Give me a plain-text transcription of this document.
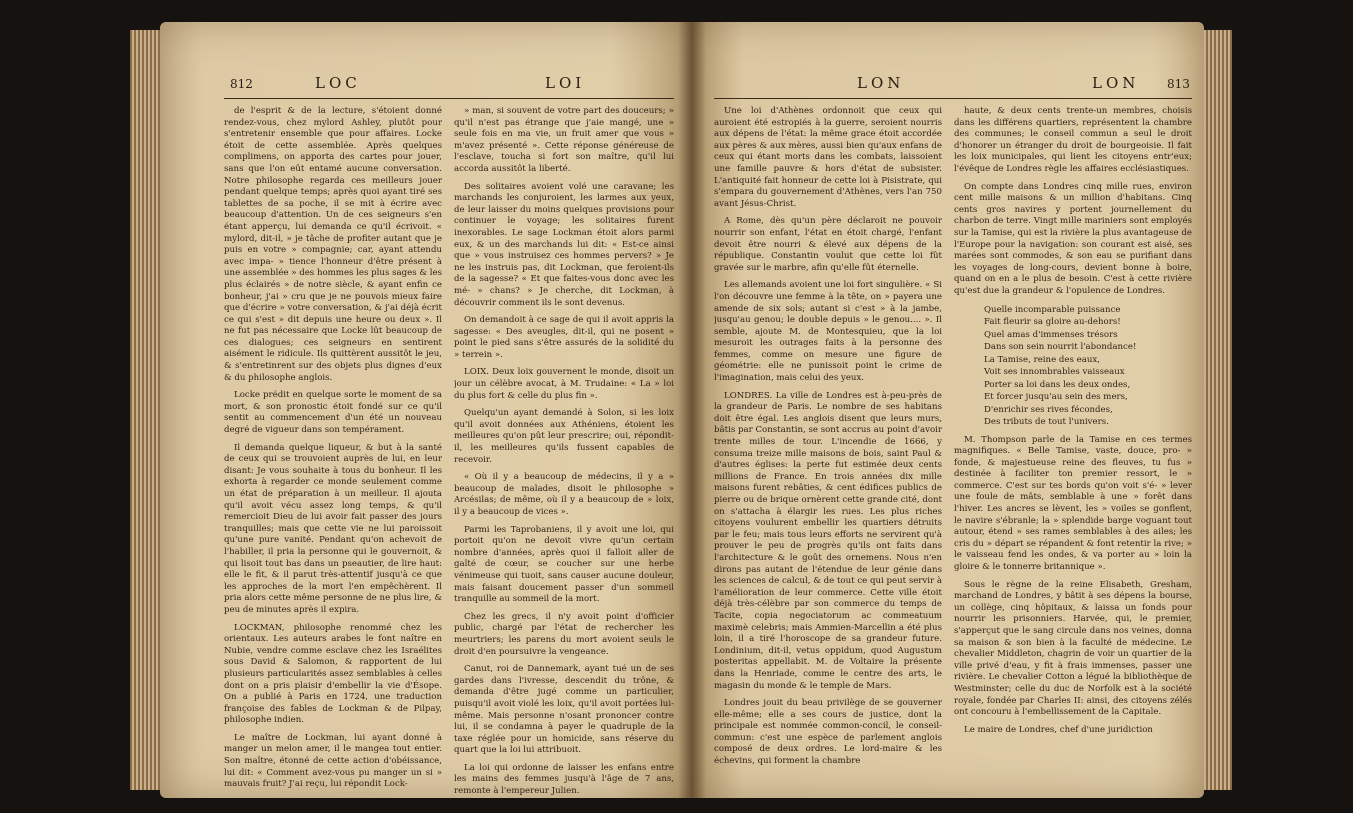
812	LOC	LOI

de l'esprit & de la lecture, s'étoient donné rendez-vous, chez mylord Ashley, plutôt pour s'entretenir ensemble que pour affaires. Locke étoit de cette assemblée. Après quelques complimens, on apporta des cartes pour jouer, sans que l'on eût entamé aucune conversation. Notre philosophe regarda ces meilleurs jouer pendant quelque temps; après quoi ayant tiré ses tablettes de sa poche, il se mit à écrire avec beaucoup d'attention. Un de ces seigneurs s'en étant apperçu, lui demanda ce qu'il écrivoit. « mylord, dit-il, » je tâche de profiter autant que je puis en votre » compagnie; car, ayant attendu avec impa- » tience l'honneur d'être présent à une assemblée » des hommes les plus sages & les plus éclairés » de notre siècle, & ayant enfin ce bonheur, j'ai » cru que je ne pouvois mieux faire que d'écrire » votre conversation, & j'ai déjà écrit ce qui s'est » dit depuis une heure ou deux ». Il ne fut pas nécessaire que Locke lût beaucoup de ces dialogues; ces seigneurs en sentirent aisément le ridicule. Ils quittèrent aussitôt le jeu, & s'entretinrent sur des objets plus dignes d'eux & du philosophe anglois.

Locke prédit en quelque sorte le moment de sa mort, & son pronostic étoit fondé sur ce qu'il sentit au commencement d'un été un nouveau degré de vigueur dans son tempérament.

Il demanda quelque liqueur, & but à la santé de ceux qui se trouvoient auprès de lui, en leur disant: Je vous souhaite à tous du bonheur. Il les exhorta à regarder ce monde seulement comme un état de préparation à un meilleur. Il ajouta qu'il avoit vécu assez long temps, & qu'il remercioit Dieu de lui avoir fait passer des jours tranquilles; mais que cette vie ne lui paroissoit qu'une pure vanité. Pendant qu'on achevoit de l'habiller, il pria la personne qui le gouvernoit, & qui lisoit tout bas dans un pseautier, de lire haut: elle le fit, & il parut très-attentif jusqu'à ce que les approches de la mort l'en empêchèrent. Il pria alors cette même personne de ne plus lire, & peu de minutes après il expira.

LOCKMAN, philosophe renommé chez les orientaux. Les auteurs arabes le font naître en Nubie, vendre comme esclave chez les Israélites sous David & Salomon, & rapportent de lui plusieurs particularités assez semblables à celles dont on a pris plaisir d'embellir la vie d'Ésope. On a publié à Paris en 1724, une traduction françoise des fables de Lockman & de Pilpay, philosophe indien.

Le maître de Lockman, lui ayant donné à manger un melon amer, il le mangea tout entier. Son maître, étonné de cette action d'obéissance, lui dit: « Comment avez-vous pu manger un si » mauvais fruit? J'ai reçu, lui répondit Lock-

» man, si souvent de votre part des douceurs; » qu'il n'est pas étrange que j'aie mangé, une » seule fois en ma vie, un fruit amer que vous » m'avez présenté ». Cette réponse généreuse de l'esclave, toucha si fort son maître, qu'il lui accorda aussitôt la liberté.

Des solitaires avoient volé une caravane; les marchands les conjuroient, les larmes aux yeux, de leur laisser du moins quelques provisions pour continuer le voyage; les solitaires furent inexorables. Le sage Lockman étoit alors parmi eux, & un des marchands lui dit: « Est-ce ainsi que » vous instruisez ces hommes pervers? » Je ne les instruis pas, dit Lockman, que feroient-ils de la sagesse? « Et que faites-vous donc avec les mé- » chans? » Je cherche, dit Lockman, à découvrir comment ils le sont devenus.

On demandoit à ce sage de qui il avoit appris la sagesse: « Des aveugles, dit-il, qui ne posent » point le pied sans s'être assurés de la solidité du » terrein ».

LOIX. Deux loix gouvernent le monde, disoit un jour un célèbre avocat, à M. Trudaine: « La » loi du plus fort & celle du plus fin ».

Quelqu'un ayant demandé à Solon, si les loix qu'il avoit données aux Athéniens, étoient les meilleures qu'on pût leur prescrire; oui, répondit-il, les meilleures qu'ils fussent capables de recevoir.

« Où il y a beaucoup de médecins, il y a » beaucoup de malades, disoit le philosophe » Arcésilas; de même, où il y a beaucoup de » loix, il y a beaucoup de vices ».

Parmi les Taprobaniens, il y avoit une loi, qui portoit qu'on ne devoit vivre qu'un certain nombre d'années, après quoi il falloit aller de gaîté de cœur, se coucher sur une herbe vénimeuse qui tuoit, sans causer aucune douleur, mais faisant doucement passer d'un sommeil tranquille au sommeil de la mort.

Chez les grecs, il n'y avoit point d'officier public, chargé par l'état de rechercher les meurtriers; les parens du mort avoient seuls le droit d'en poursuivre la vengeance.

Canut, roi de Dannemark, ayant tué un de ses gardes dans l'ivresse, descendit du trône, & demanda d'être jugé comme un particulier, puisqu'il avoit violé les loix, qu'il avoit portées lui-même. Mais personne n'osant prononcer contre lui, il se condamna à payer le quadruple de la taxe réglée pour un homicide, sans réserve du quart que la loi lui attribuoit.

La loi qui ordonne de laisser les enfans entre les mains des femmes jusqu'à l'âge de 7 ans, remonte à l'empereur Julien.

LON	LON 813

Une loi d'Athènes ordonnoit que ceux qui auroient été estropiés à la guerre, seroient nourris aux dépens de l'état: la même grace étoit accordée aux pères & aux mères, aussi bien qu'aux enfans de ceux qui étant morts dans les combats, laissoient une famille pauvre & hors d'état de subsister. L'antiquité fait honneur de cette loi à Pisistrate, qui s'empara du gouvernement d'Athènes, vers l'an 750 avant Jésus-Christ.

A Rome, dès qu'un père déclaroit ne pouvoir nourrir son enfant, l'état en étoit chargé, l'enfant devoit être nourri & élevé aux dépens de la république. Constantin voulut que cette loi fût gravée sur le marbre, afin qu'elle fût éternelle.

Les allemands avoient une loi fort singulière. « Si l'on découvre une femme à la tête, on » payera une amende de six sols; autant si c'est » à la jambe, jusqu'au genou; le double depuis » le genou.... ». Il semble, ajoute M. de Montesquieu, que la loi mesuroit les outrages faits à la personne des femmes, comme on mesure une figure de géométrie: elle ne punissoit point le crime de l'imagination, mais celui des yeux.

LONDRES. La ville de Londres est à-peu-près de la grandeur de Paris. Le nombre de ses habitans doit être égal. Les anglois disent que leurs murs, bâtis par Constantin, se sont accrus au point d'avoir trente milles de tour. L'incendie de 1666, y consuma treize mille maisons de bois, saint Paul & d'autres églises: la perte fut estimée deux cents millions de France. En trois années dix mille maisons furent rebâties, & cent édifices publics de pierre ou de brique ornèrent cette grande cité, dont on s'attacha à élargir les rues. Les plus riches citoyens voulurent embellir les quartiers détruits par le feu; mais tous leurs efforts ne servirent qu'à prouver le peu de progrès qu'ils ont faits dans l'architecture & le goût des ornemens. Nous n'en dirons pas autant de l'étendue de leur génie dans les sciences de calcul, & de tout ce qui peut servir à l'amélioration de leur commerce. Cette ville étoit déjà très-célèbre par son commerce du temps de Tacite, copia negociatorum ac commeatuum maximè celebris; mais Ammien-Marcellin a été plus loin, il a tiré l'horoscope de sa grandeur future. Londinium, dit-il, vetus oppidum, quod Augustum posteritas appellabit. M. de Voltaire la présente dans la Henriade, comme le centre des arts, le magasin du monde & le temple de Mars.

Londres jouit du beau privilège de se gouverner elle-même; elle a ses cours de justice, dont la principale est nommée common-concil, le conseil-commun: c'est une espèce de parlement anglois composé de deux ordres. Le lord-maire & les échevins, qui forment la chambre

haute, & deux cents trente-un membres, choisis dans les différens quartiers, représentent la chambre des communes; le conseil commun a seul le droit d'honorer un étranger du droit de bourgeoisie. Il fait les loix municipales, qui lient les citoyens entr'eux; l'évêque de Londres règle les affaires ecclésiastiques.

On compte dans Londres cinq mille rues, environ cent mille maisons & un million d'habitans. Cinq cents gros navires y portent journellement du charbon de terre. Vingt mille mariniers sont employés sur la Tamise, qui est la rivière la plus avantageuse de l'Europe pour la navigation: son courant est aisé, ses marées sont commodes, & son eau se purifiant dans les voyages de long-cours, devient bonne à boire, quand on en a le plus de besoin. C'est à cette rivière qu'est due la grandeur & l'opulence de Londres.

Quelle incomparable puissance
Fait fleurir sa gloire au-dehors!
Quel amas d'immenses trésors
Dans son sein nourrit l'abondance!
La Tamise, reine des eaux,
Voit ses innombrables vaisseaux
Porter sa loi dans les deux ondes,
Et forcer jusqu'au sein des mers,
D'enrichir ses rives fécondes,
Des tributs de tout l'univers.

M. Thompson parle de la Tamise en ces termes magnifiques. « Belle Tamise, vaste, douce, pro- » fonde, & majestueuse reine des fleuves, tu fus » destinée à faciliter ton premier ressort, le » commerce. C'est sur tes bords qu'on voit s'é- » lever une foule de mâts, semblable à une » forêt dans l'hiver. Les ancres se lèvent, les » voiles se gonflent, le navire s'ébranle; la » splendide barge voguant tout autour, étend » ses rames semblables à des ailes; les cris du » départ se répandent & font retentir la rive; » le vaisseau fend les ondes, & va porter au » loin la gloire & le tonnerre britannique ».

Sous le règne de la reine Elisabeth, Gresham, marchand de Londres, y bâtit à ses dépens la bourse, un collège, cinq hôpitaux, & laissa un fonds pour nourrir les prisonniers. Harvée, qui, le premier, s'apperçut que le sang circule dans nos veines, donna sa maison & son bien à la faculté de médecine. Le chevalier Middleton, chagrin de voir un quartier de la ville privé d'eau, y fit à frais immenses, passer une rivière. Le chevalier Cotton a légué la bibliothèque de Westminster; celle du duc de Norfolk est à la société royale, fondée par Charles II: ainsi, des citoyens zélés ont concouru à l'embellissement de la Capitale.

Le maire de Londres, chef d'une juridiction
